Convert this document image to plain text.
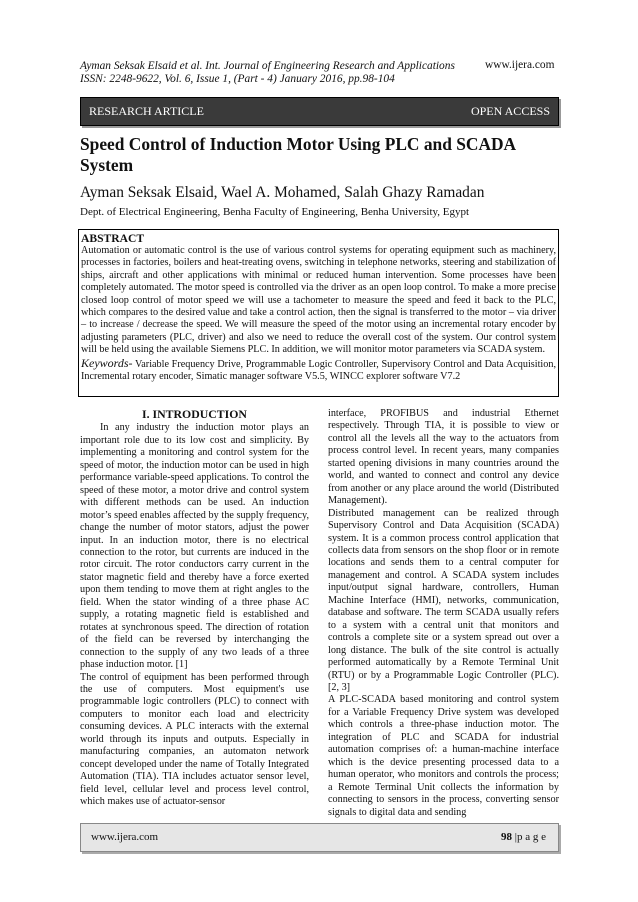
Ayman Seksak Elsaid et al. Int. Journal of Engineering Research and Applications	www.ijera.com
ISSN: 2248-9622, Vol. 6, Issue 1, (Part - 4) January 2016, pp.98-104
RESEARCH ARTICLE	OPEN ACCESS
Speed Control of Induction Motor Using PLC and SCADA System
Ayman Seksak Elsaid, Wael A. Mohamed, Salah Ghazy Ramadan
Dept. of Electrical Engineering, Benha Faculty of Engineering, Benha University, Egypt
ABSTRACT
Automation or automatic control is the use of various control systems for operating equipment such as machinery, processes in factories, boilers and heat-treating ovens, switching in telephone networks, steering and stabilization of ships, aircraft and other applications with minimal or reduced human intervention. Some processes have been completely automated. The motor speed is controlled via the driver as an open loop control. To make a more precise closed loop control of motor speed we will use a tachometer to measure the speed and feed it back to the PLC, which compares to the desired value and take a control action, then the signal is transferred to the motor – via driver – to increase / decrease the speed. We will measure the speed of the motor using an incremental rotary encoder by adjusting parameters (PLC, driver) and also we need to reduce the overall cost of the system. Our control system will be held using the available Siemens PLC. In addition, we will monitor motor parameters via SCADA system.
Keywords- Variable Frequency Drive, Programmable Logic Controller, Supervisory Control and Data Acquisition, Incremental rotary encoder, Simatic manager software V5.5, WINCC explorer software V7.2
I. INTRODUCTION

In any industry the induction motor plays an important role due to its low cost and simplicity. By implementing a monitoring and control system for the speed of motor, the induction motor can be used in high performance variable-speed applications. To control the speed of these motor, a motor drive and control system with different methods can be used. An induction motor’s speed enables affected by the supply frequency, change the number of motor stators, adjust the power input. In an induction motor, there is no electrical connection to the rotor, but currents are induced in the rotor circuit. The rotor conductors carry current in the stator magnetic field and thereby have a force exerted upon them tending to move them at right angles to the field. When the stator winding of a three phase AC supply, a rotating magnetic field is established and rotates at synchronous speed. The direction of rotation of the field can be reversed by interchanging the connection to the supply of any two leads of a three phase induction motor. [1]

The control of equipment has been performed through the use of computers. Most equipment's use programmable logic controllers (PLC) to connect with computers to monitor each load and electricity consuming devices. A PLC interacts with the external world through its inputs and outputs. Especially in manufacturing companies, an automaton network concept developed under the name of Totally Integrated Automation (TIA). TIA includes actuator sensor level, field level, cellular level and process level control, which makes use of actuator-sensor

interface, PROFIBUS and industrial Ethernet respectively. Through TIA, it is possible to view or control all the levels all the way to the actuators from process control level. In recent years, many companies started opening divisions in many countries around the world, and wanted to connect and control any device from another or any place around the world (Distributed Management).

Distributed management can be realized through Supervisory Control and Data Acquisition (SCADA) system. It is a common process control application that collects data from sensors on the shop floor or in remote locations and sends them to a central computer for management and control. A SCADA system includes input/output signal hardware, controllers, Human Machine Interface (HMI), networks, communication, database and software. The term SCADA usually refers to a system with a central unit that monitors and controls a complete site or a system spread out over a long distance. The bulk of the site control is actually performed automatically by a Remote Terminal Unit (RTU) or by a Programmable Logic Controller (PLC). [2, 3]

A PLC-SCADA based monitoring and control system for a Variable Frequency Drive system was developed which controls a three-phase induction motor. The integration of PLC and SCADA for industrial automation comprises of: a human-machine interface which is the device presenting processed data to a human operator, who monitors and controls the process; a Remote Terminal Unit collects the information by connecting to sensors in the process, converting sensor signals to digital data and sending

www.ijera.com	98 |p a g e
